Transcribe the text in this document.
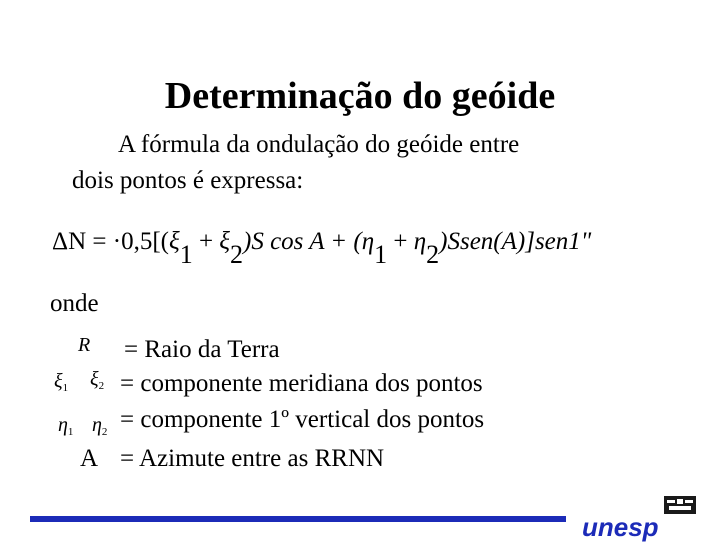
Determinação do geóide
A fórmula da ondulação do geóide entre
dois pontos é expressa:
$\Delta N = \cdot 0,5[(\xi_1 + \xi_2)S$ $\cos A + (\eta_1$ + $\eta_2)Ssen(A)]sen1$"
onde
R = Raio da Terra
$\xi_1$ $\xi_2$ = componente meridiana dos pontos
$\eta_1$ $\eta_2$ = componente 1º vertical dos pontos
A = Azimute entre as RRNN
unesp
